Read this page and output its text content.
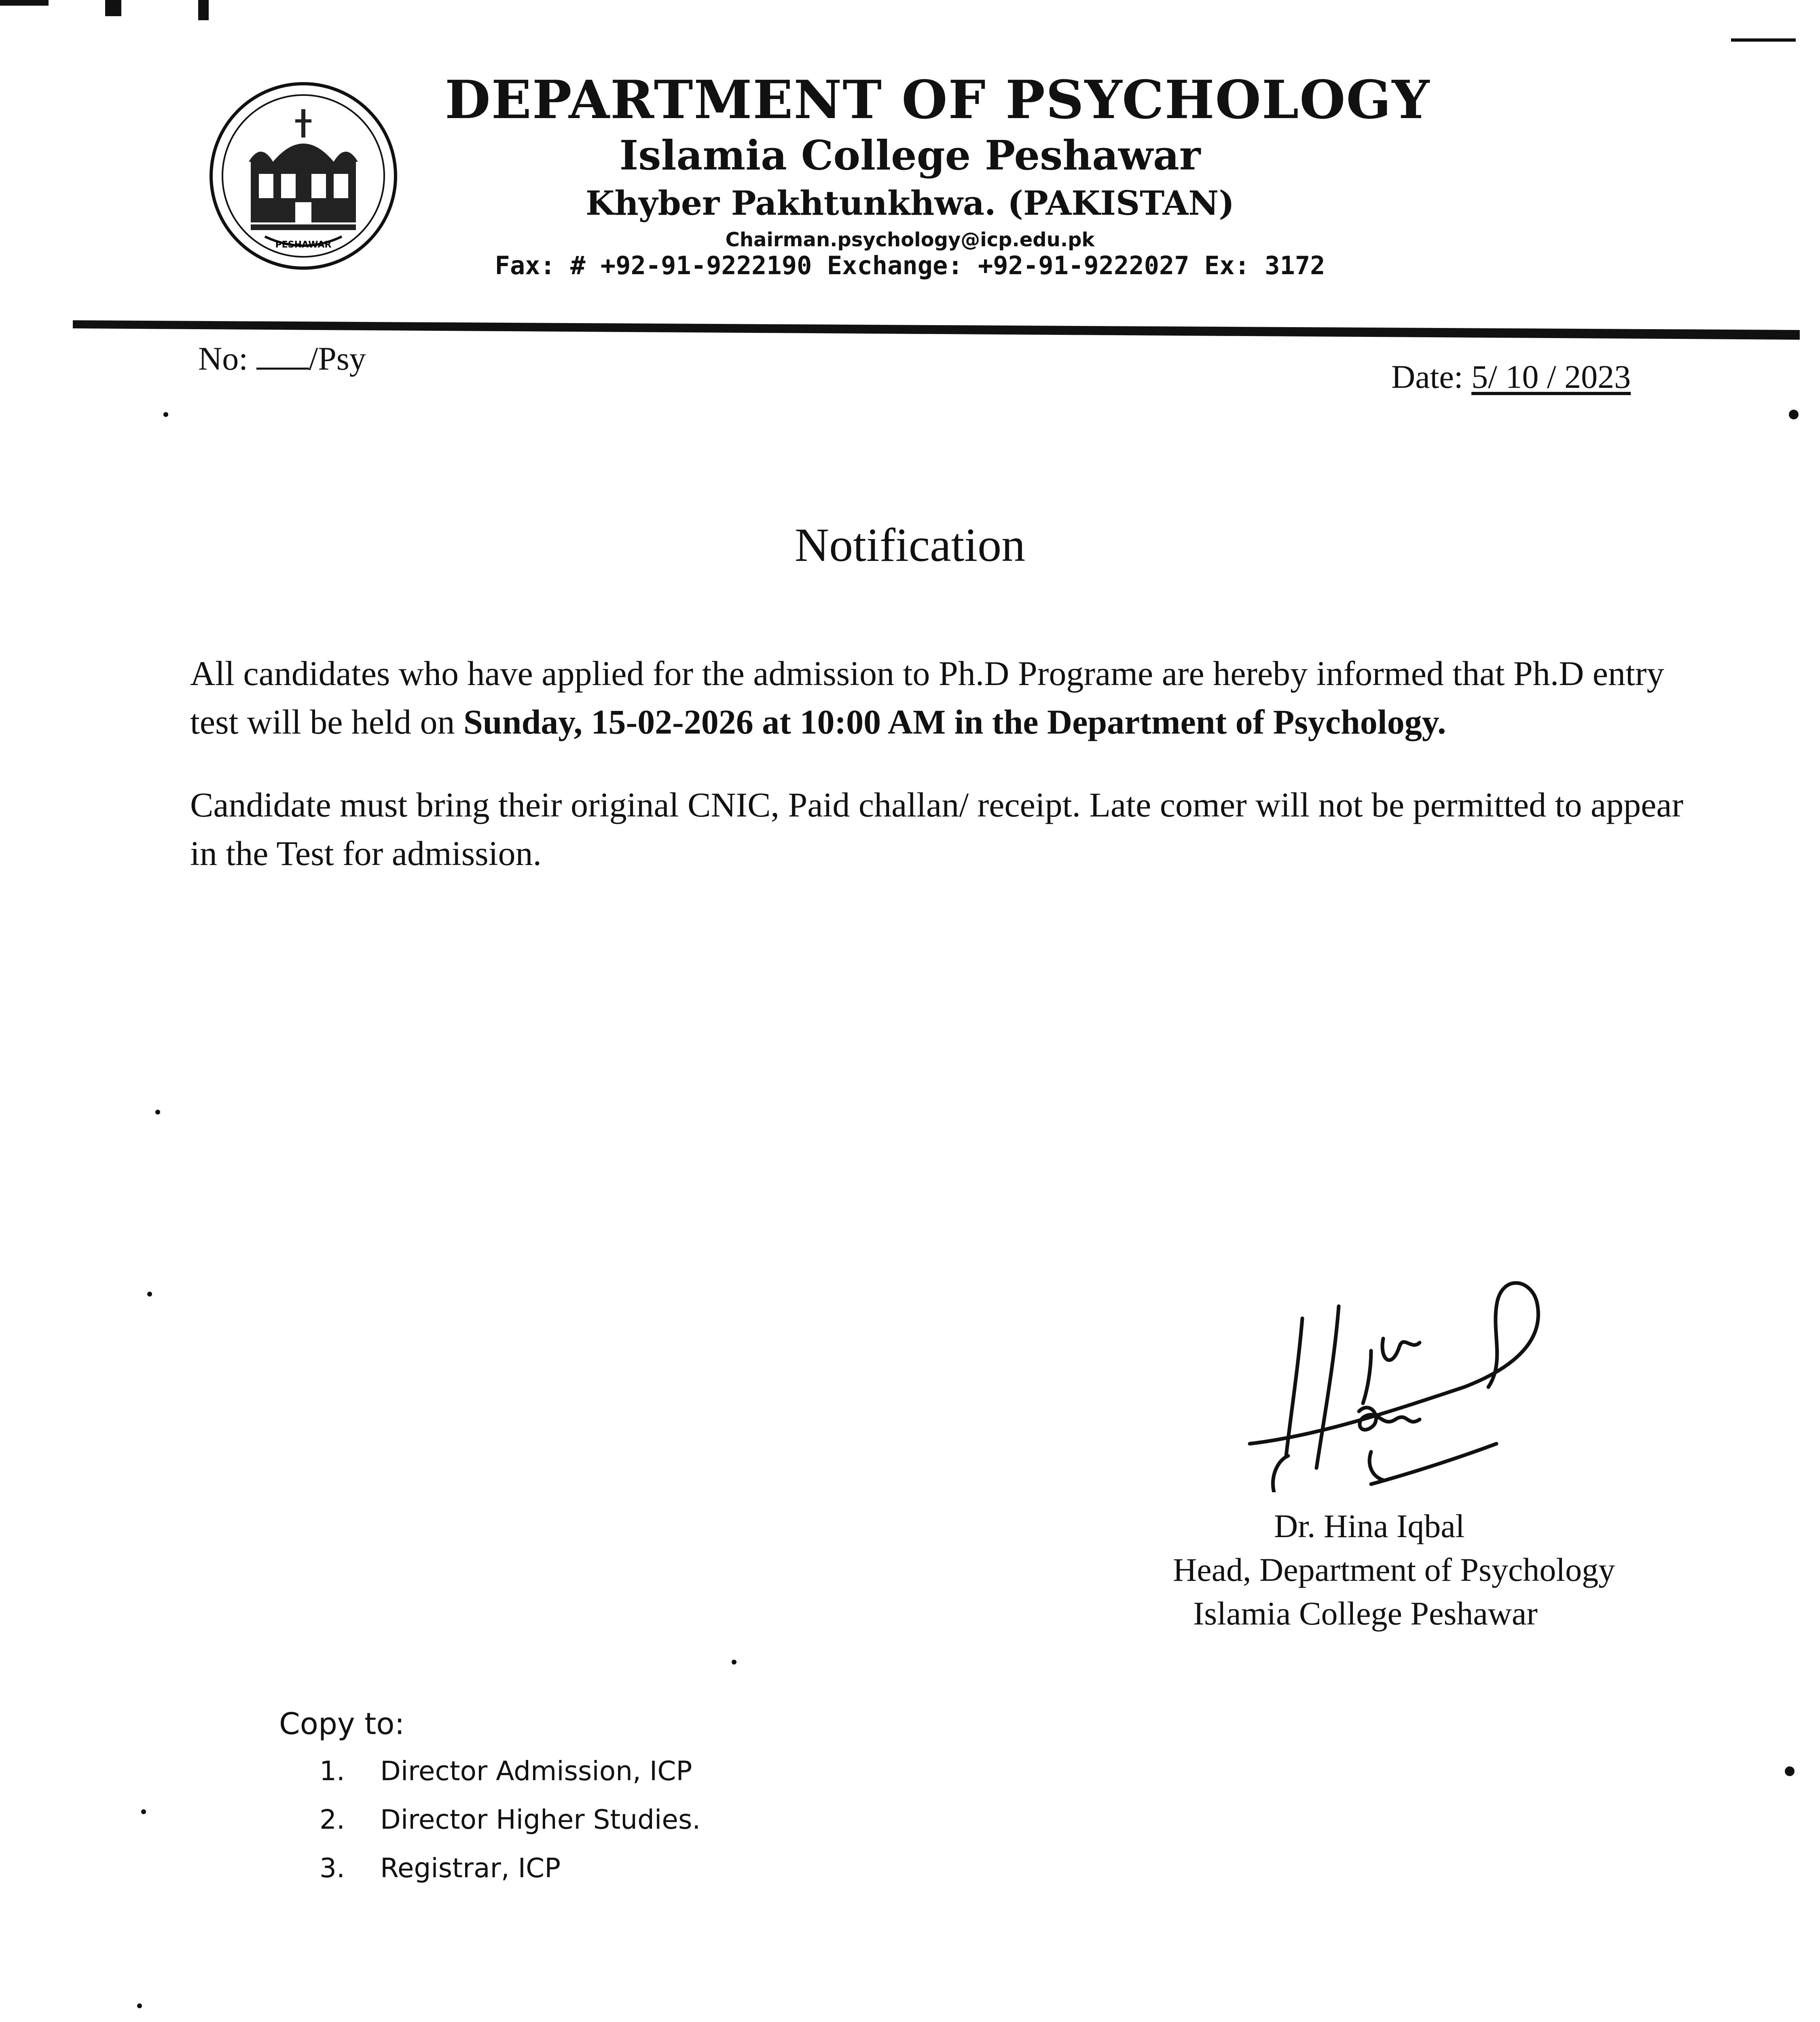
PESHAWAR
DEPARTMENT OF PSYCHOLOGY
Islamia College Peshawar
Khyber Pakhtunkhwa. (PAKISTAN)
Chairman.psychology@icp.edu.pk
Fax: # +92-91-9222190 Exchange: +92-91-9222027 Ex: 3172
No: /Psy	Date: 5/ 10 / 2023
Notification
All candidates who have applied for the admission to Ph.D Programe are hereby informed that Ph.D entry test will be held on Sunday, 15-02-2026 at 10:00 AM in the Department of Psychology.
Candidate must bring their original CNIC, Paid challan/ receipt. Late comer will not be permitted to appear in the Test for admission.
Dr. Hina Iqbal
Head, Department of Psychology
Islamia College Peshawar
Copy to:
1. Director Admission, ICP
2. Director Higher Studies.
3. Registrar, ICP
